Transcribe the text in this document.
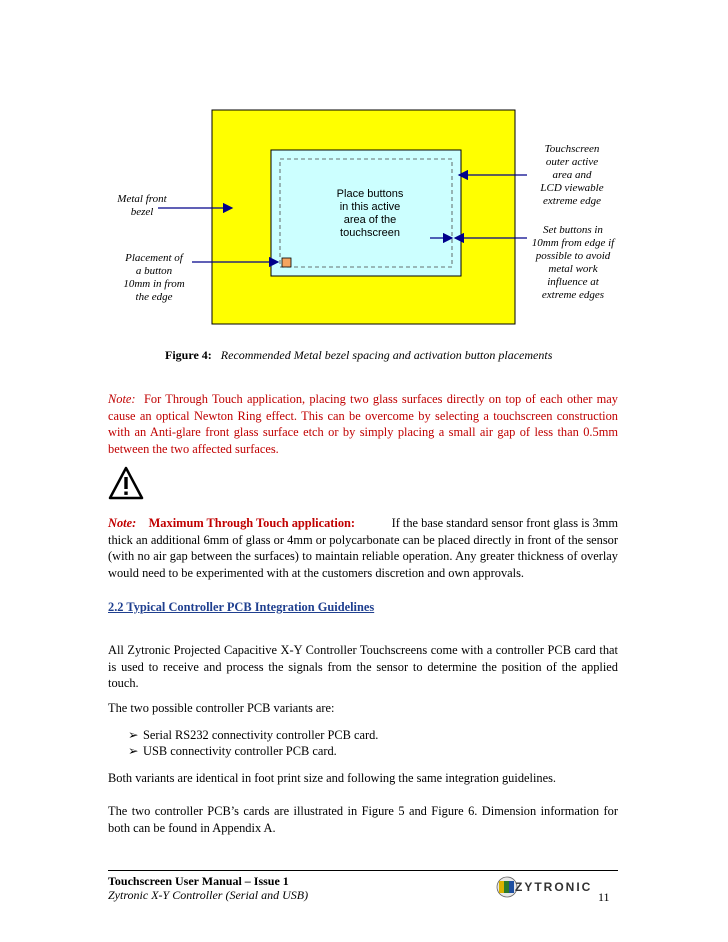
Metal front
bezel
Placement of
a button
10mm in from
the edge
Place buttons
in this active
area of the
touchscreen
Touchscreen
outer active
area and
LCD viewable
extreme edge
Set buttons in
10mm from edge if
possible to avoid
metal work
influence at
extreme edges
Figure 4: Recommended Metal bezel spacing and activation button placements
Note: For Through Touch application, placing two glass surfaces directly on top of each other may cause an optical Newton Ring effect. This can be overcome by selecting a touchscreen construction with an Anti-glare front glass surface etch or by simply placing a small air gap of less than 0.5mm between the two affected surfaces.
Note: Maximum Through Touch application:	If the base standard sensor front glass is 3mm
thick an additional 6mm of glass or 4mm or polycarbonate can be placed directly in front of the sensor (with no air gap between the surfaces) to maintain reliable operation. Any greater thickness of overlay would need to be experimented with at the customers discretion and own approvals.
2.2 Typical Controller PCB Integration Guidelines
All Zytronic Projected Capacitive X-Y Controller Touchscreens come with a controller PCB card that is used to receive and process the signals from the sensor to determine the position of the applied touch.
The two possible controller PCB variants are:
➢ Serial RS232 connectivity controller PCB card.
➢ USB connectivity controller PCB card.
Both variants are identical in foot print size and following the same integration guidelines.
The two controller PCB’s cards are illustrated in Figure 5 and Figure 6. Dimension information for both can be found in Appendix A.
Touchscreen User Manual – Issue 1
Zytronic X-Y Controller (Serial and USB)
ZYTRONIC
11
